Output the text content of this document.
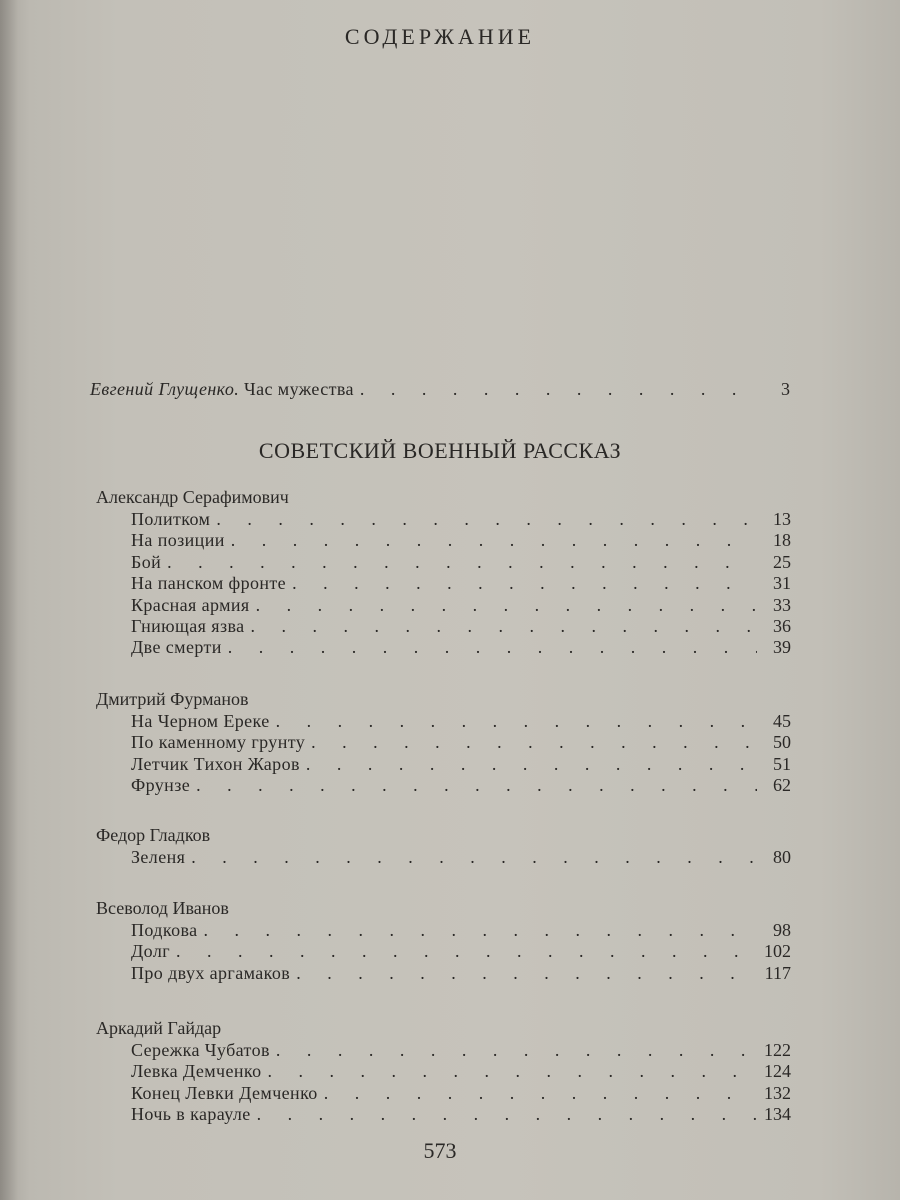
СОДЕРЖАНИЕ
Евгений Глущенко. Час мужества . . .	3
СОВЕТСКИЙ ВОЕННЫЙ РАССКАЗ
Александр Серафимович
Политком . . .	13
На позиции . . .	18
Бой . . .	25
На панском фронте . . .	31
Красная армия . . .	33
Гниющая язва . . .	36
Две смерти . . .	39
Дмитрий Фурманов
На Черном Ереке . . .	45
По каменному грунту . . .	50
Летчик Тихон Жаров . . .	51
Фрунзе . . .	62
Федор Гладков
Зеленя . . .	80
Всеволод Иванов
Подкова . . .	98
Долг . . .	102
Про двух аргамаков . . .	117
Аркадий Гайдар
Сережка Чубатов . . .	122
Левка Демченко . . .	124
Конец Левки Демченко . . .	132
Ночь в карауле . . .	134
573
